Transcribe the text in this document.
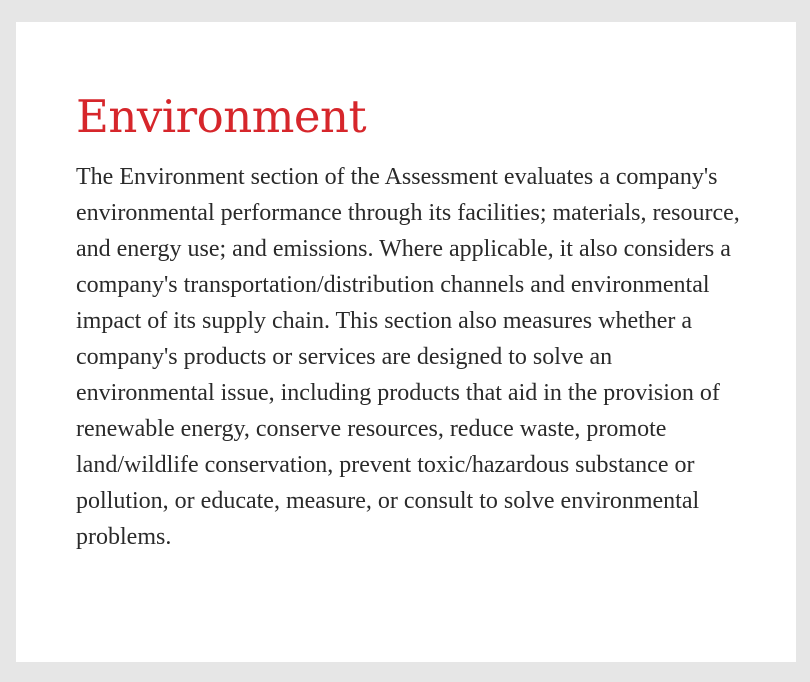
Environment

The Environment section of the Assessment evaluates a company's environmental performance through its facilities; materials, resource, and energy use; and emissions. Where applicable, it also considers a company's transportation/distribution channels and environmental impact of its supply chain. This section also measures whether a company's products or services are designed to solve an environmental issue, including products that aid in the provision of renewable energy, conserve resources, reduce waste, promote land/wildlife conservation, prevent toxic/hazardous substance or pollution, or educate, measure, or consult to solve environmental problems.
